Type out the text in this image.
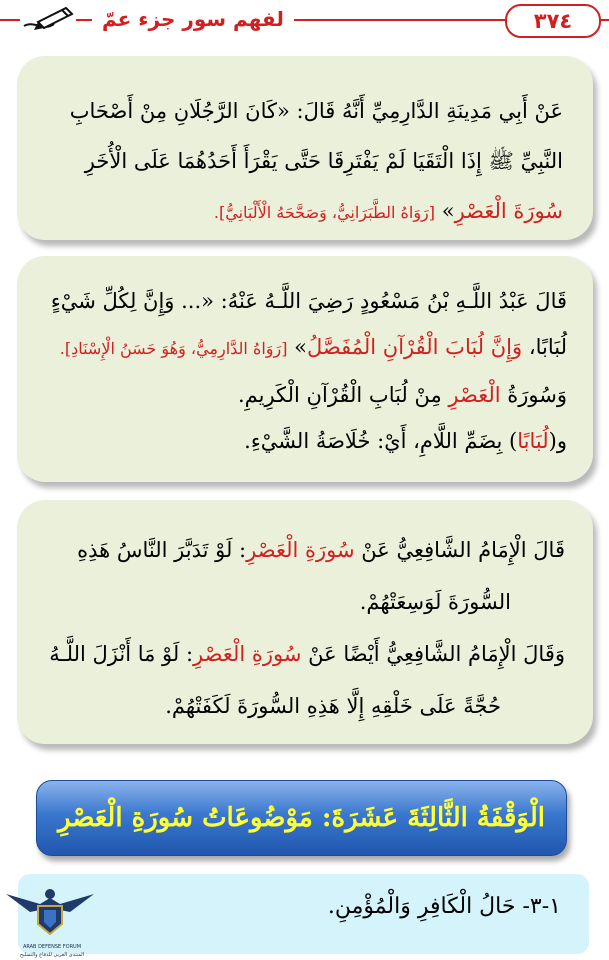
لفهم سور جزء عمّ	٣٧٤

عَنْ أَبِي مَدِينَةِ الدَّارِمِيِّ أَنَّهُ قَالَ: «كَانَ الرَّجُلَانِ مِنْ أَصْحَابِ النَّبِيِّ ﷺ إِذَا الْتَقَيَا لَمْ يَفْتَرِقَا حَتَّى يَقْرَأَ أَحَدُهُمَا عَلَى الْأُخَرِ سُورَةَ الْعَصْرِ» [رَوَاهُ الطَّبَرَانِيُّ، وَصَحَّحَهُ الْأَلْبَانِيُّ].

قَالَ عَبْدُ اللَّـهِ بْنُ مَسْعُودٍ رَضِيَ اللَّـهُ عَنْهُ: «... وَإِنَّ لِكُلِّ شَيْءٍ لُبَابًا، وَإِنَّ لُبَابَ الْقُرْآنِ الْمُفَصَّلُ» [رَوَاهُ الدَّارِمِيُّ، وَهُوَ حَسَنُ الْإِسْنَادِ].

وَسُورَةُ الْعَصْرِ مِنْ لُبَابِ الْقُرْآنِ الْكَرِيمِ.

و(لُبَابًا) بِضَمِّ اللَّامِ، أَيْ: خُلَاصَةُ الشَّيْءِ.

قَالَ الْإِمَامُ الشَّافِعِيُّ عَنْ سُورَةِ الْعَصْرِ: لَوْ تَدَبَّرَ النَّاسُ هَذِهِ

السُّورَةَ لَوَسِعَتْهُمْ.

وَقَالَ الْإِمَامُ الشَّافِعِيُّ أَيْضًا عَنْ سُورَةِ الْعَصْرِ: لَوْ مَا أَنْزَلَ اللَّـهُ

حُجَّةً عَلَى خَلْقِهِ إِلَّا هَذِهِ السُّورَةَ لَكَفَتْهُمْ.

الْوَقْفَةُ الثَّالِثَةَ عَشَرَةَ: مَوْضُوعَاتُ سُورَةِ الْعَصْرِ
١-٣- حَالُ الْكَافِرِ وَالْمُؤْمِنِ.
ARAB DEFENSE FORUM
المنتدى العربي للدفاع والتسليح
